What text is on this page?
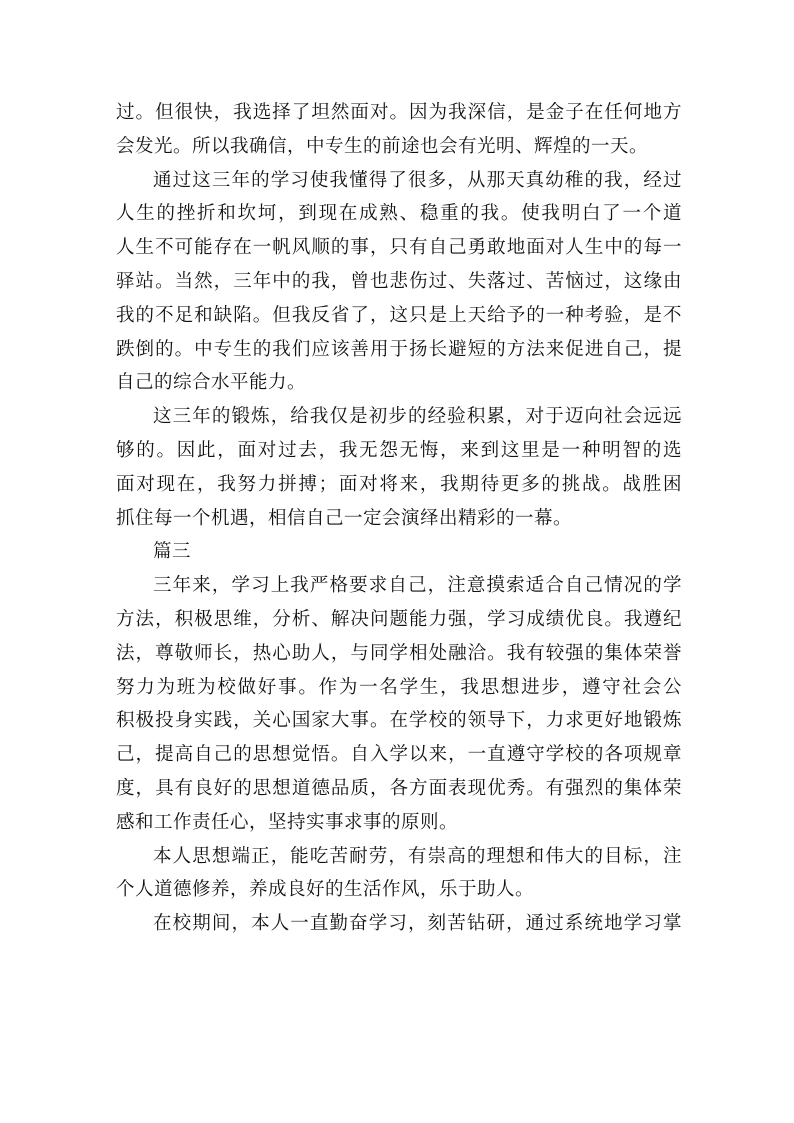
过。但很快，我选择了坦然面对。因为我深信，是金子在任何地方
会发光。所以我确信，中专生的前途也会有光明、辉煌的一天。
通过这三年的学习使我懂得了很多，从那天真幼稚的我，经过
人生的挫折和坎坷，到现在成熟、稳重的我。使我明白了一个道
人生不可能存在一帆风顺的事，只有自己勇敢地面对人生中的每一
驿站。当然，三年中的我，曾也悲伤过、失落过、苦恼过，这缘由
我的不足和缺陷。但我反省了，这只是上天给予的一种考验，是不
跌倒的。中专生的我们应该善用于扬长避短的方法来促进自己，提
自己的综合水平能力。
这三年的锻炼，给我仅是初步的经验积累，对于迈向社会远远
够的。因此，面对过去，我无怨无悔，来到这里是一种明智的选
面对现在，我努力拼搏；面对将来，我期待更多的挑战。战胜困
抓住每一个机遇，相信自己一定会演绎出精彩的一幕。
篇三
三年来，学习上我严格要求自己，注意摸索适合自己情况的学
方法，积极思维，分析、解决问题能力强，学习成绩优良。我遵纪
法，尊敬师长，热心助人，与同学相处融洽。我有较强的集体荣誉
努力为班为校做好事。作为一名学生，我思想进步，遵守社会公
积极投身实践，关心国家大事。在学校的领导下，力求更好地锻炼
己，提高自己的思想觉悟。自入学以来，一直遵守学校的各项规章
度，具有良好的思想道德品质，各方面表现优秀。有强烈的集体荣
感和工作责任心，坚持实事求事的原则。
本人思想端正，能吃苦耐劳，有崇高的理想和伟大的目标，注
个人道德修养，养成良好的生活作风，乐于助人。
在校期间，本人一直勤奋学习，刻苦钻研，通过系统地学习掌
